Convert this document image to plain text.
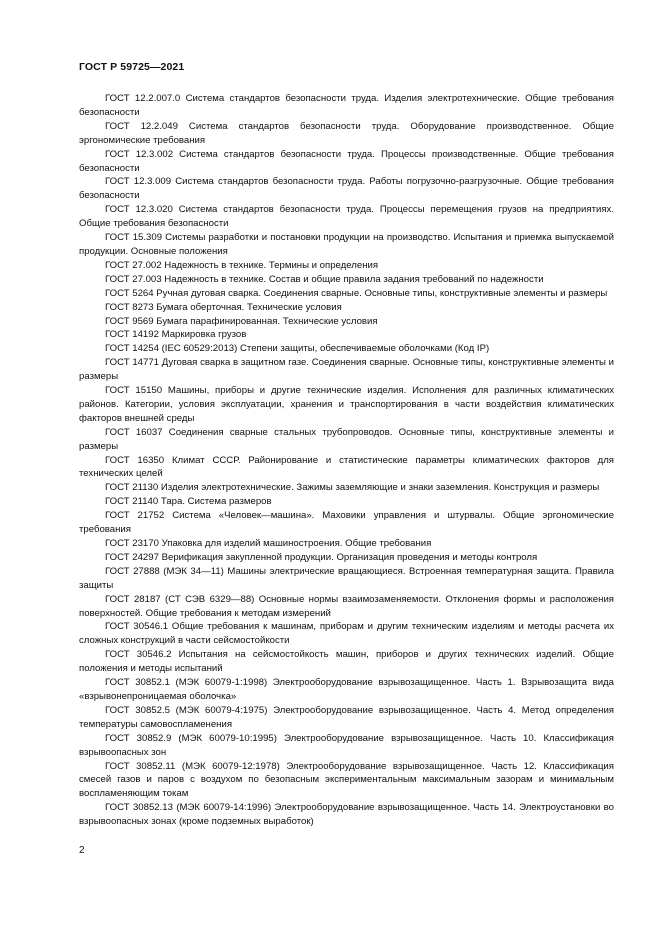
ГОСТ Р 59725—2021

ГОСТ 12.2.007.0 Система стандартов безопасности труда. Изделия электротехнические. Общие требования безопасности

ГОСТ 12.2.049 Система стандартов безопасности труда. Оборудование производственное. Общие эргономические требования

ГОСТ 12.3.002 Система стандартов безопасности труда. Процессы производственные. Общие требования безопасности

ГОСТ 12.3.009 Система стандартов безопасности труда. Работы погрузочно-разгрузочные. Общие требования безопасности

ГОСТ 12.3.020 Система стандартов безопасности труда. Процессы перемещения грузов на предприятиях. Общие требования безопасности

ГОСТ 15.309 Системы разработки и постановки продукции на производство. Испытания и приемка выпускаемой продукции. Основные положения

ГОСТ 27.002 Надежность в технике. Термины и определения

ГОСТ 27.003 Надежность в технике. Состав и общие правила задания требований по надежности

ГОСТ 5264 Ручная дуговая сварка. Соединения сварные. Основные типы, конструктивные элементы и размеры

ГОСТ 8273 Бумага оберточная. Технические условия

ГОСТ 9569 Бумага парафинированная. Технические условия

ГОСТ 14192 Маркировка грузов

ГОСТ 14254 (IEC 60529:2013) Степени защиты, обеспечиваемые оболочками (Код IP)

ГОСТ 14771 Дуговая сварка в защитном газе. Соединения сварные. Основные типы, конструктивные элементы и размеры

ГОСТ 15150 Машины, приборы и другие технические изделия. Исполнения для различных климатических районов. Категории, условия эксплуатации, хранения и транспортирования в части воздействия климатических факторов внешней среды

ГОСТ 16037 Соединения сварные стальных трубопроводов. Основные типы, конструктивные элементы и размеры

ГОСТ 16350 Климат СССР. Районирование и статистические параметры климатических факторов для технических целей

ГОСТ 21130 Изделия электротехнические. Зажимы заземляющие и знаки заземления. Конструкция и размеры

ГОСТ 21140 Тара. Система размеров

ГОСТ 21752 Система «Человек—машина». Маховики управления и штурвалы. Общие эргономические требования

ГОСТ 23170 Упаковка для изделий машиностроения. Общие требования

ГОСТ 24297 Верификация закупленной продукции. Организация проведения и методы контроля

ГОСТ 27888 (МЭК 34—11) Машины электрические вращающиеся. Встроенная температурная защита. Правила защиты

ГОСТ 28187 (СТ СЭВ 6329—88) Основные нормы взаимозаменяемости. Отклонения формы и расположения поверхностей. Общие требования к методам измерений

ГОСТ 30546.1 Общие требования к машинам, приборам и другим техническим изделиям и методы расчета их сложных конструкций в части сейсмостойкости

ГОСТ 30546.2 Испытания на сейсмостойкость машин, приборов и других технических изделий. Общие положения и методы испытаний

ГОСТ 30852.1 (МЭК 60079-1:1998) Электрооборудование взрывозащищенное. Часть 1. Взрывозащита вида «взрывонепроницаемая оболочка»

ГОСТ 30852.5 (МЭК 60079-4:1975) Электрооборудование взрывозащищенное. Часть 4. Метод определения температуры самовоспламенения

ГОСТ 30852.9 (МЭК 60079-10:1995) Электрооборудование взрывозащищенное. Часть 10. Классификация взрывоопасных зон

ГОСТ 30852.11 (МЭК 60079-12:1978) Электрооборудование взрывозащищенное. Часть 12. Классификация смесей газов и паров с воздухом по безопасным экспериментальным максимальным зазорам и минимальным воспламеняющим токам

ГОСТ 30852.13 (МЭК 60079-14:1996) Электрооборудование взрывозащищенное. Часть 14. Электроустановки во взрывоопасных зонах (кроме подземных выработок)

2
